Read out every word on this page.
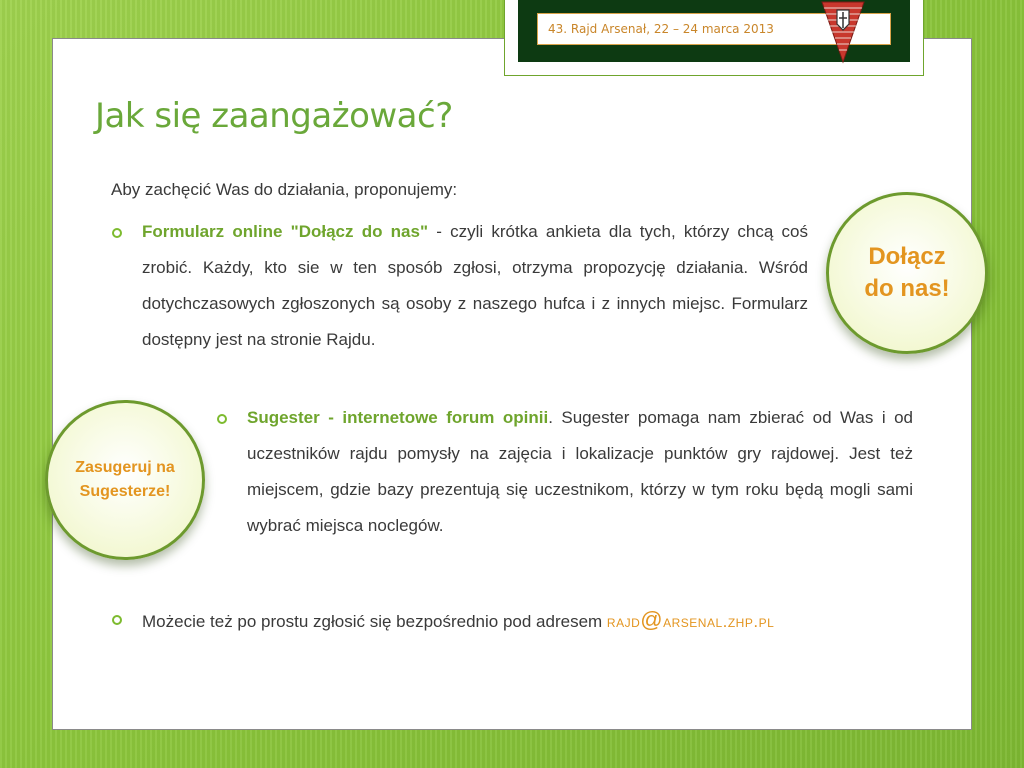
43. Rajd Arsenał, 22 – 24 marca 2013
Jak się zaangażować?
Aby zachęcić Was do działania, proponujemy:

Formularz online "Dołącz do nas" - czyli krótka ankieta dla tych, którzy chcą coś zrobić. Każdy, kto sie w ten sposób zgłosi, otrzyma propozycję działania. Wśród dotychczasowych zgłoszonych są osoby z naszego hufca i z innych miejsc. Formularz dostępny jest na stronie Rajdu.

Dołącz do nas!

Sugester - internetowe forum opinii. Sugester pomaga nam zbierać od Was i od uczestników rajdu pomysły na zajęcia i lokalizacje punktów gry rajdowej. Jest też miejscem, gdzie bazy prezentują się uczestnikom, którzy w tym roku będą mogli sami wybrać miejsca noclegów.

Zasugeruj na Sugesterze!
Możecie też po prostu zgłosić się bezpośrednio pod adresem rajd@arsenal.zhp.pl
